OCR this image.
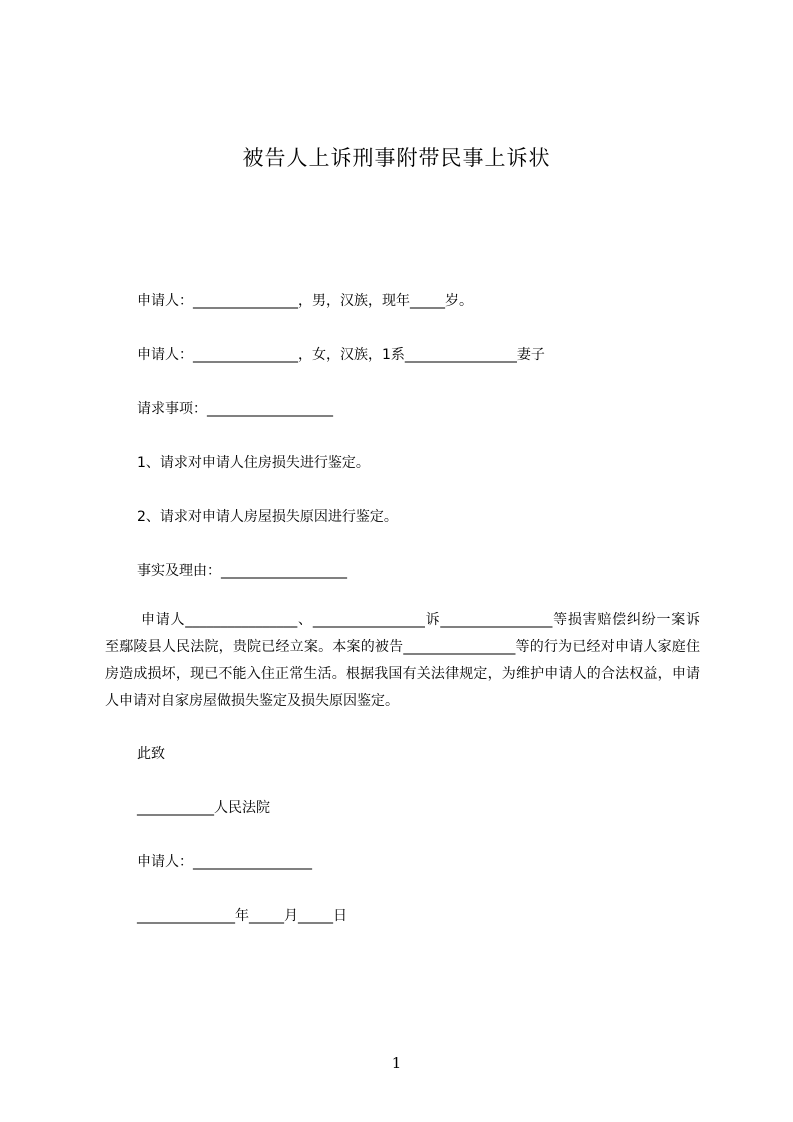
被告人上诉刑事附带民事上诉状
申请人：_______________，男，汉族，现年_____岁。
申请人：_______________，女，汉族，1系________________妻子
请求事项：__________________
1、请求对申请人住房损失进行鉴定。
2、请求对申请人房屋损失原因进行鉴定。
事实及理由：__________________
申请人________________、________________诉________________等损害赔偿纠纷一案诉至鄢陵县人民法院，贵院已经立案。本案的被告________________等的行为已经对申请人家庭住房造成损坏，现已不能入住正常生活。根据我国有关法律规定，为维护申请人的合法权益，申请人申请对自家房屋做损失鉴定及损失原因鉴定。
此致
___________人民法院
申请人：_________________
______________年_____月_____日
1
